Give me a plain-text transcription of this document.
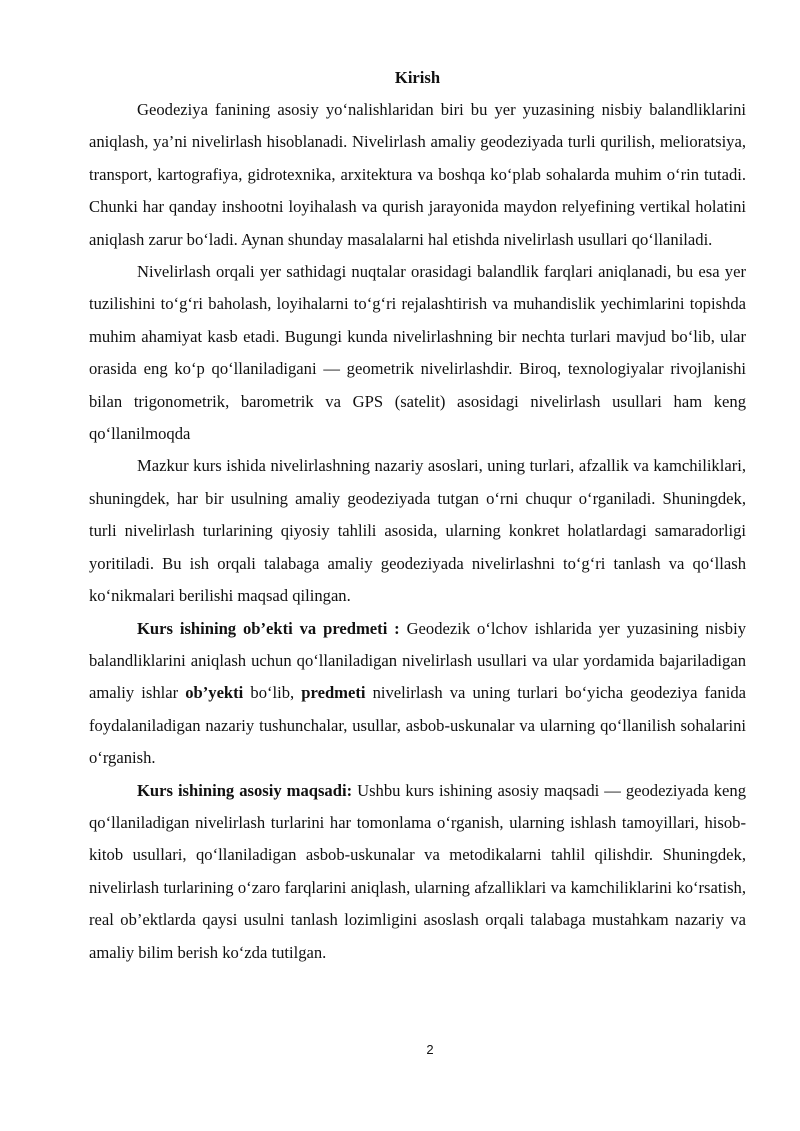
Kirish

Geodeziya fanining asosiy yo‘nalishlaridan biri bu yer yuzasining nisbiy balandliklarini aniqlash, ya’ni nivelirlash hisoblanadi. Nivelirlash amaliy geodeziyada turli qurilish, melioratsiya, transport, kartografiya, gidrotexnika, arxitektura va boshqa ko‘plab sohalarda muhim o‘rin tutadi. Chunki har qanday inshootni loyihalash va qurish jarayonida maydon relyefining vertikal holatini aniqlash zarur bo‘ladi. Aynan shunday masalalarni hal etishda nivelirlash usullari qo‘llaniladi.

Nivelirlash orqali yer sathidagi nuqtalar orasidagi balandlik farqlari aniqlanadi, bu esa yer tuzilishini to‘g‘ri baholash, loyihalarni to‘g‘ri rejalashtirish va muhandislik yechimlarini topishda muhim ahamiyat kasb etadi. Bugungi kunda nivelirlashning bir nechta turlari mavjud bo‘lib, ular orasida eng ko‘p qo‘llaniladigani — geometrik nivelirlashdir. Biroq, texnologiyalar rivojlanishi bilan trigonometrik, barometrik va GPS (satelit) asosidagi nivelirlash usullari ham keng qo‘llanilmoqda

Mazkur kurs ishida nivelirlashning nazariy asoslari, uning turlari, afzallik va kamchiliklari, shuningdek, har bir usulning amaliy geodeziyada tutgan o‘rni chuqur o‘rganiladi. Shuningdek, turli nivelirlash turlarining qiyosiy tahlili asosida, ularning konkret holatlardagi samaradorligi yoritiladi. Bu ish orqali talabaga amaliy geodeziyada nivelirlashni to‘g‘ri tanlash va qo‘llash ko‘nikmalari berilishi maqsad qilingan.

Kurs ishining ob’ekti va predmeti : Geodezik o‘lchov ishlarida yer yuzasining nisbiy balandliklarini aniqlash uchun qo‘llaniladigan nivelirlash usullari va ular yordamida bajariladigan amaliy ishlar ob’yekti bo‘lib, predmeti nivelirlash va uning turlari bo‘yicha geodeziya fanida foydalaniladigan nazariy tushunchalar, usullar, asbob-uskunalar va ularning qo‘llanilish sohalarini o‘rganish.

Kurs ishining asosiy maqsadi: Ushbu kurs ishining asosiy maqsadi — geodeziyada keng qo‘llaniladigan nivelirlash turlarini har tomonlama o‘rganish, ularning ishlash tamoyillari, hisob-kitob usullari, qo‘llaniladigan asbob-uskunalar va metodikalarni tahlil qilishdir. Shuningdek, nivelirlash turlarining o‘zaro farqlarini aniqlash, ularning afzalliklari va kamchiliklarini ko‘rsatish, real ob’ektlarda qaysi usulni tanlash lozimligini asoslash orqali talabaga mustahkam nazariy va amaliy bilim berish ko‘zda tutilgan.

2
